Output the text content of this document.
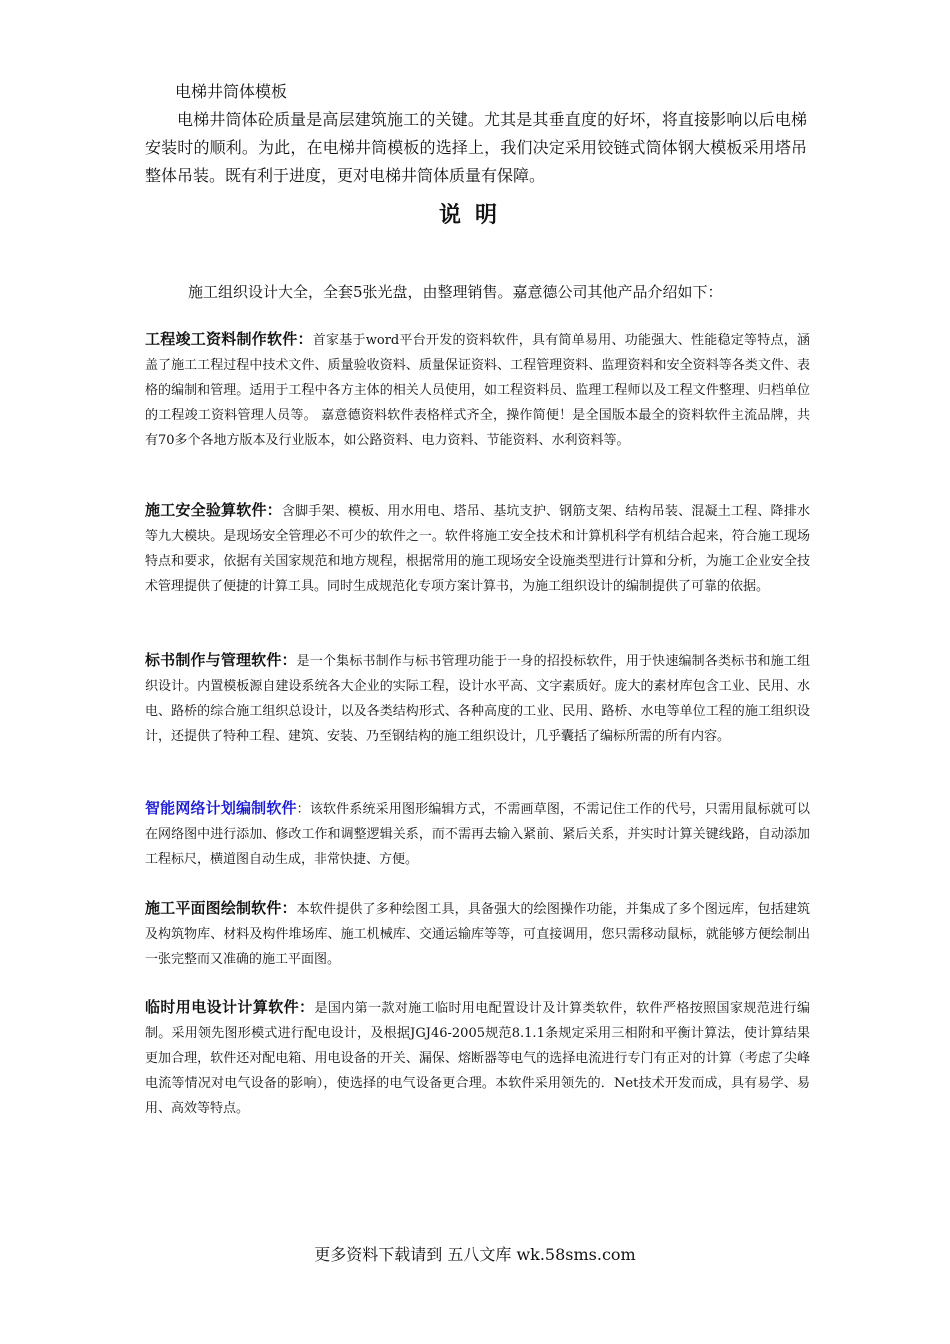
电梯井筒体模板
电梯井筒体砼质量是高层建筑施工的关键。尤其是其垂直度的好坏，将直接影响以后电梯安装时的顺利。为此，在电梯井筒模板的选择上，我们决定采用铰链式筒体钢大模板采用塔吊整体吊装。既有利于进度，更对电梯井筒体质量有保障。
说明
施工组织设计大全，全套5张光盘，由整理销售。嘉意德公司其他产品介绍如下：
工程竣工资料制作软件：首家基于word平台开发的资料软件，具有简单易用、功能强大、性能稳定等特点，涵盖了施工工程过程中技术文件、质量验收资料、质量保证资料、工程管理资料、监理资料和安全资料等各类文件、表格的编制和管理。适用于工程中各方主体的相关人员使用，如工程资料员、监理工程师以及工程文件整理、归档单位的工程竣工资料管理人员等。 嘉意德资料软件表格样式齐全，操作简便！是全国版本最全的资料软件主流品牌，共有70多个各地方版本及行业版本，如公路资料、电力资料、节能资料、水利资料等。
施工安全验算软件：含脚手架、模板、用水用电、塔吊、基坑支护、钢筋支架、结构吊装、混凝土工程、降排水等九大模块。是现场安全管理必不可少的软件之一。软件将施工安全技术和计算机科学有机结合起来，符合施工现场特点和要求，依据有关国家规范和地方规程，根据常用的施工现场安全设施类型进行计算和分析，为施工企业安全技术管理提供了便捷的计算工具。同时生成规范化专项方案计算书，为施工组织设计的编制提供了可靠的依据。
标书制作与管理软件：是一个集标书制作与标书管理功能于一身的招投标软件，用于快速编制各类标书和施工组织设计。内置模板源自建设系统各大企业的实际工程，设计水平高、文字素质好。庞大的素材库包含工业、民用、水电、路桥的综合施工组织总设计，以及各类结构形式、各种高度的工业、民用、路桥、水电等单位工程的施工组织设计，还提供了特种工程、建筑、安装、乃至钢结构的施工组织设计，几乎囊括了编标所需的所有内容。
智能网络计划编制软件：该软件系统采用图形编辑方式，不需画草图，不需记住工作的代号，只需用鼠标就可以在网络图中进行添加、修改工作和调整逻辑关系，而不需再去输入紧前、紧后关系，并实时计算关键线路，自动添加工程标尺，横道图自动生成，非常快捷、方便。
施工平面图绘制软件：本软件提供了多种绘图工具，具备强大的绘图操作功能，并集成了多个图远库，包括建筑及构筑物库、材料及构件堆场库、施工机械库、交通运输库等等，可直接调用，您只需移动鼠标，就能够方便绘制出一张完整而又准确的施工平面图。
临时用电设计计算软件：是国内第一款对施工临时用电配置设计及计算类软件，软件严格按照国家规范进行编制。采用领先图形模式进行配电设计，及根据JGJ46-2005规范8.1.1条规定采用三相附和平衡计算法，使计算结果更加合理，软件还对配电箱、用电设备的开关、漏保、熔断器等电气的选择电流进行专门有正对的计算（考虑了尖峰电流等情况对电气设备的影响），使选择的电气设备更合理。本软件采用领先的．Net技术开发而成，具有易学、易用、高效等特点。
更多资料下载请到 五八文库 wk.58sms.com
